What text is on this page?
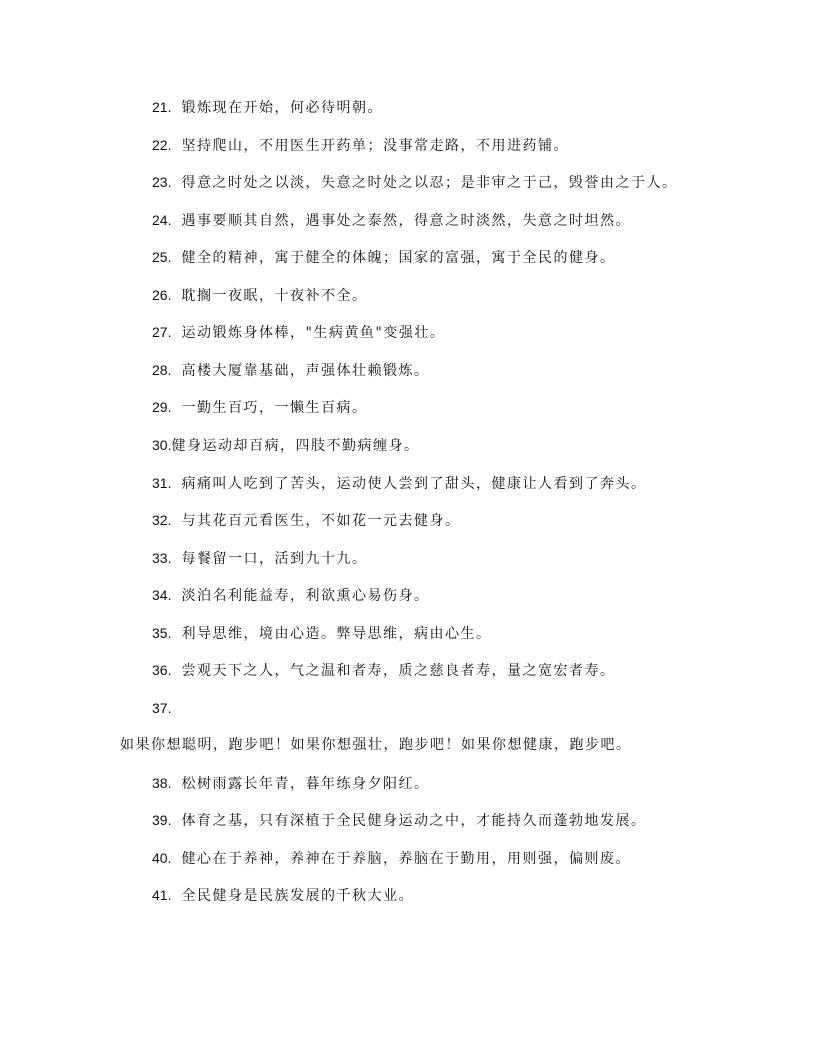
21. 锻炼现在开始，何必待明朝。
22. 坚持爬山，不用医生开药单；没事常走路，不用进药铺。
23. 得意之时处之以淡，失意之时处之以忍；是非审之于己，毁誉由之于人。
24. 遇事要顺其自然，遇事处之泰然，得意之时淡然，失意之时坦然。
25. 健全的精神，寓于健全的体魄；国家的富强，寓于全民的健身。
26. 耽搁一夜眠，十夜补不全。
27. 运动锻炼身体棒，"生病黄鱼"变强壮。
28. 高楼大厦靠基础，声强体壮赖锻炼。
29. 一勤生百巧，一懒生百病。
30.健身运动却百病，四肢不勤病缠身。
31. 病痛叫人吃到了苦头，运动使人尝到了甜头，健康让人看到了奔头。
32. 与其花百元看医生，不如花一元去健身。
33. 每餐留一口，活到九十九。
34. 淡泊名利能益寿，利欲熏心易伤身。
35. 利导思维，境由心造。弊导思维，病由心生。
36. 尝观天下之人，气之温和者寿，质之慈良者寿，量之宽宏者寿。
37.
如果你想聪明，跑步吧！如果你想强壮，跑步吧！如果你想健康，跑步吧。
38. 松树雨露长年青，暮年练身夕阳红。
39. 体育之基，只有深植于全民健身运动之中，才能持久而蓬勃地发展。
40. 健心在于养神，养神在于养脑，养脑在于勤用，用则强，偏则废。
41. 全民健身是民族发展的千秋大业。
